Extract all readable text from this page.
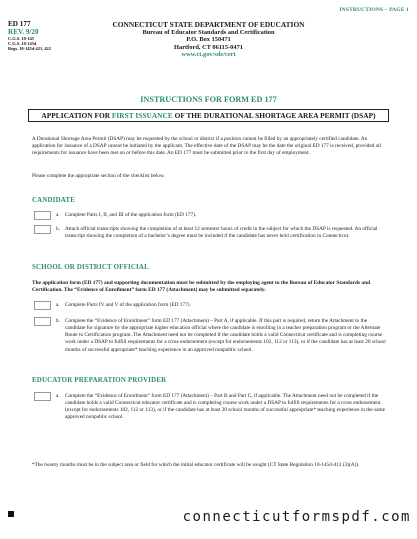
INSTRUCTIONS – PAGE 1
ED 177
REV. 9/20
C.G.S. 10-145
C.G.S. 10-145d
Regs. 10-145d-421, 422
CONNECTICUT STATE DEPARTMENT OF EDUCATION
Bureau of Educator Standards and Certification
P.O. Box 150471
Hartford, CT 06115-0471
www.ct.gov/sde/cert
INSTRUCTIONS FOR FORM ED 177
APPLICATION FOR FIRST ISSUANCE OF THE DURATIONAL SHORTAGE AREA PERMIT (DSAP)
A Durational Shortage Area Permit (DSAP) may be requested by the school or district if a position cannot be filled by an appropriately certified candidate. An application for issuance of a DSAP cannot be initiated by the applicant. The effective date of the DSAP may be the date the original ED 177 is received, provided all requirements for issuance have been met on or before this date. An ED 177 must be submitted prior to the first day of employment.
Please complete the appropriate section of the checklist below.
CANDIDATE
a. Complete Parts I, II, and III of the application form (ED 177).
b. Attach official transcripts showing the completion of at least 12 semester hours of credit in the subject for which the DSAP is requested. An official transcript showing the completion of a bachelor’s degree must be included if the candidate has never held certification in Connecticut.
SCHOOL OR DISTRICT OFFICIAL
The application form (ED 177) and supporting documentation must be submitted by the employing agent to the Bureau of Educator Standards and Certification. The “Evidence of Enrollment” form ED 177 (Attachment) may be submitted separately.
a. Complete Parts IV and V of the application form (ED 177).
b. Complete the “Evidence of Enrollment” form ED 177 (Attachment) – Part A, if applicable. If this part is required, return the Attachment to the candidate for signature by the appropriate higher education official where the candidate is enrolling in a teacher preparation program or the Alternate Route to Certification program. The Attachment need not be completed if the candidate holds a valid Connecticut certificate and is completing course work under a DSAP to fulfill requirements for a cross endorsement (except for endorsements 102, 112 or 113), or if the candidate has at least 20 school months of successful appropriate* teaching experience in an approved nonpublic school.
EDUCATOR PREPARATION PROVIDER
a. Complete the “Evidence of Enrollment” form ED 177 (Attachment) – Part B and Part C, if applicable. The Attachment need not be completed if the candidate holds a valid Connecticut educator certificate and is completing course work under a DSAP to fulfill requirements for a cross endorsement (except for endorsements 102, 112 or 113), or if the candidate has at least 20 school months of successful appropriate* teaching experience in the same approved nonpublic school.
*The twenty months must be in the subject area or field for which the initial educator certificate will be sought (CT State Regulation 10-145d-412 (3)(A)).
connecticutformspdf.com
